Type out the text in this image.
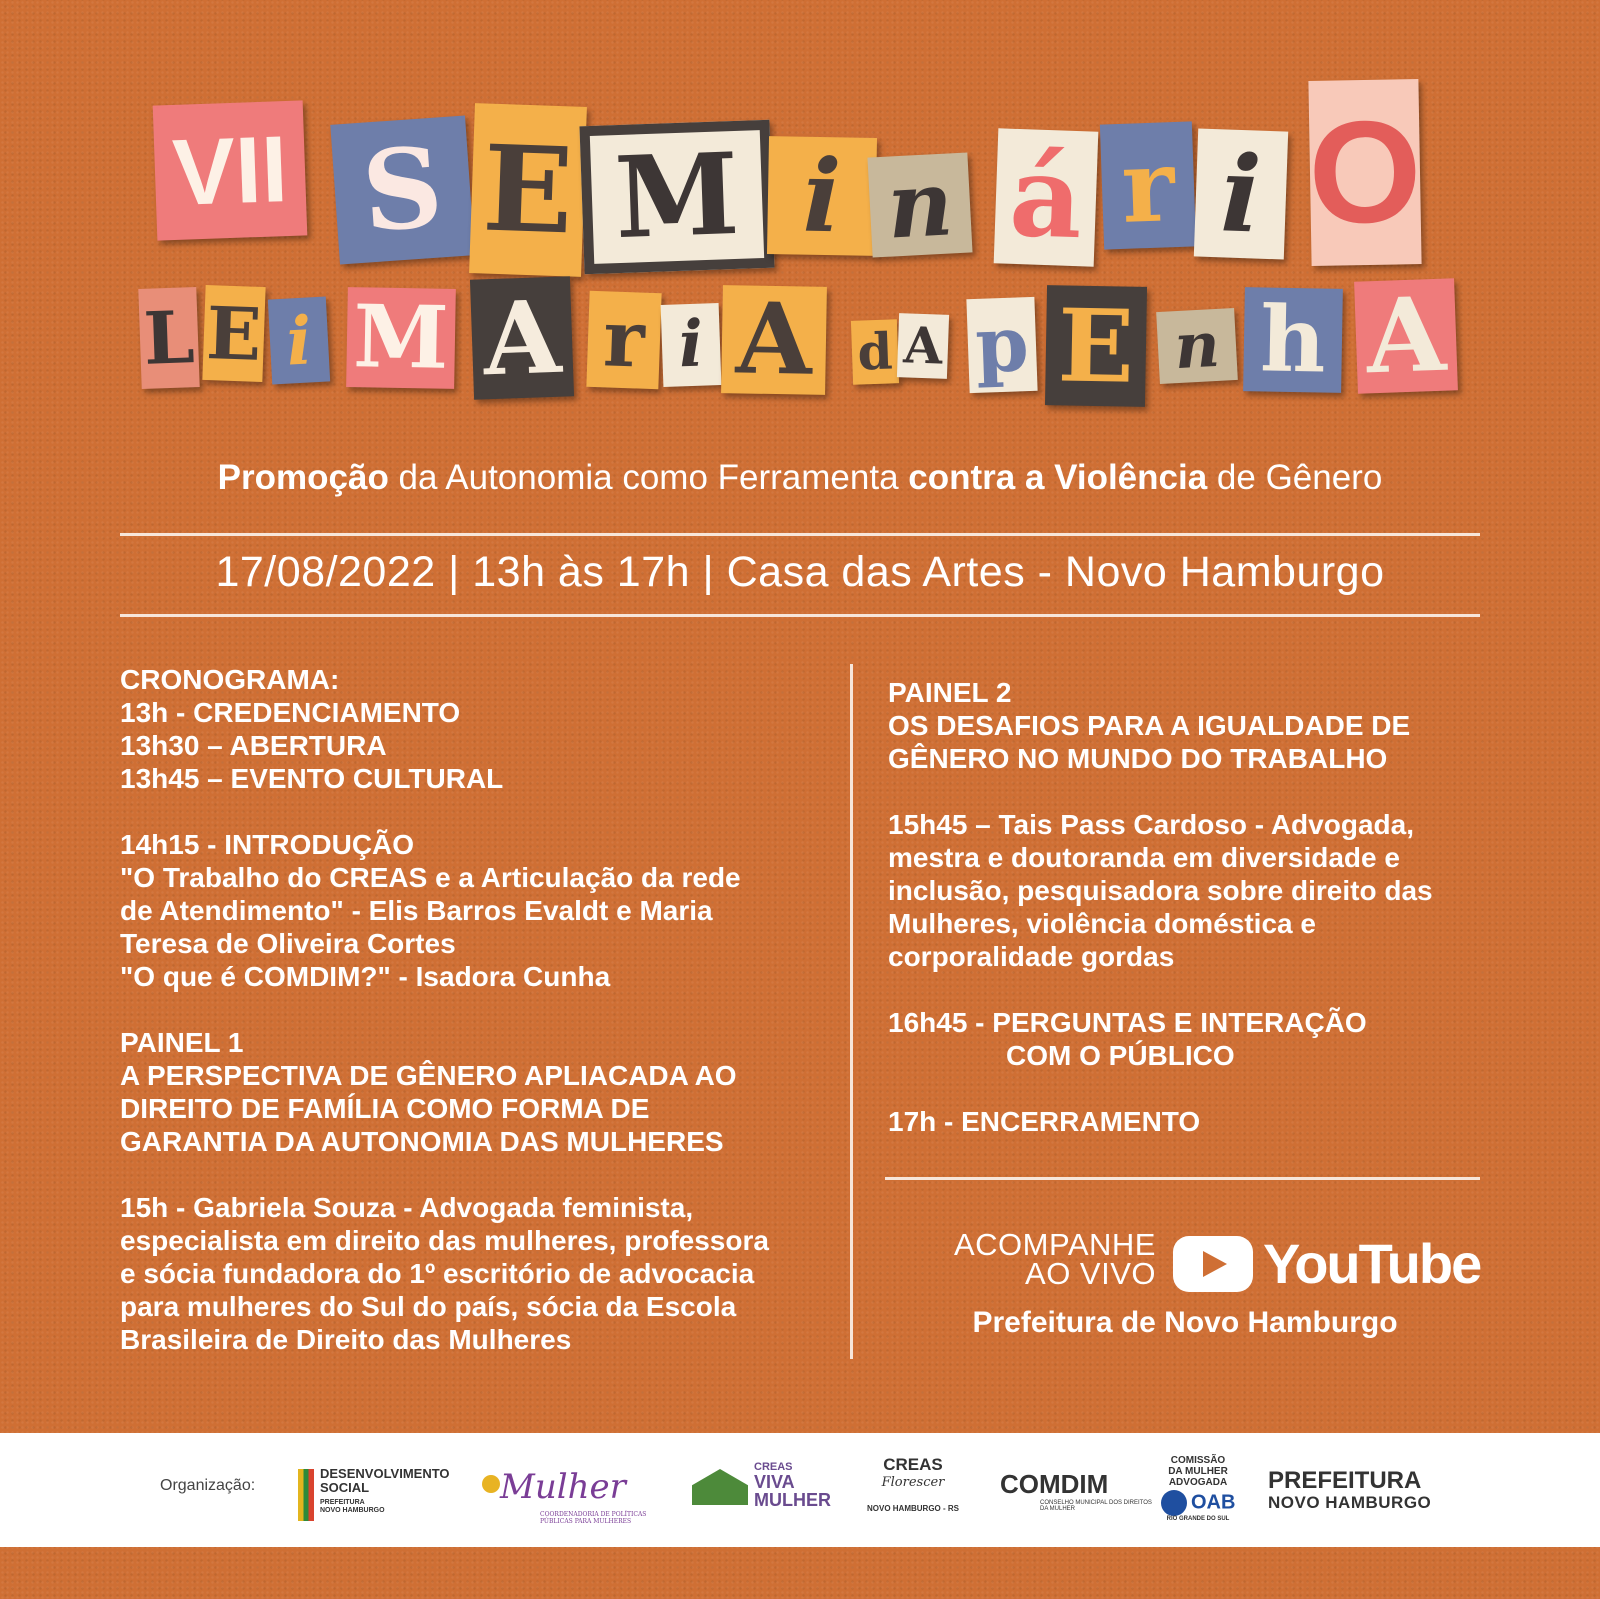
VII S E M i n á r i O
L E i M A r i A d A p E n h A
Promoção da Autonomia como Ferramenta contra a Violência de Gênero
17/08/2022 | 13h às 17h | Casa das Artes - Novo Hamburgo

CRONOGRAMA:

13h - CREDENCIAMENTO

13h30 – ABERTURA

13h45 – EVENTO CULTURAL

14h15 - INTRODUÇÃO

"O Trabalho do CREAS e a Articulação da rede

de Atendimento" - Elis Barros Evaldt e Maria

Teresa de Oliveira Cortes

"O que é COMDIM?" - Isadora Cunha

PAINEL 1

A PERSPECTIVA DE GÊNERO APLIACADA AO

DIREITO DE FAMÍLIA COMO FORMA DE

GARANTIA DA AUTONOMIA DAS MULHERES

15h - Gabriela Souza - Advogada feminista,

especialista em direito das mulheres, professora

e sócia fundadora do 1º escritório de advocacia

para mulheres do Sul do país, sócia da Escola

Brasileira de Direito das Mulheres

PAINEL 2

OS DESAFIOS PARA A IGUALDADE DE

GÊNERO NO MUNDO DO TRABALHO

15h45 – Tais Pass Cardoso - Advogada,

mestra e doutoranda em diversidade e

inclusão, pesquisadora sobre direito das

Mulheres, violência doméstica e

corporalidade gordas

16h45 - PERGUNTAS E INTERAÇÃO

COM O PÚBLICO

17h - ENCERRAMENTO

ACOMPANHE
AO VIVO YouTube
Prefeitura de Novo Hamburgo
Organização:
DESENVOLVIMENTO
SOCIAL
PREFEITURA
NOVO HAMBURGO
Mulher
COORDENADORIA DE POLÍTICAS PÚBLICAS PARA MULHERES
CREAS
VIVA
MULHER
CREAS
Florescer
NOVO HAMBURGO - RS
COMDIM
CONSELHO MUNICIPAL DOS DIREITOS DA MULHER
COMISSÃO
DA MULHER
ADVOGADA
OAB
RIO GRANDE DO SUL
PREFEITURA
NOVO HAMBURGO
